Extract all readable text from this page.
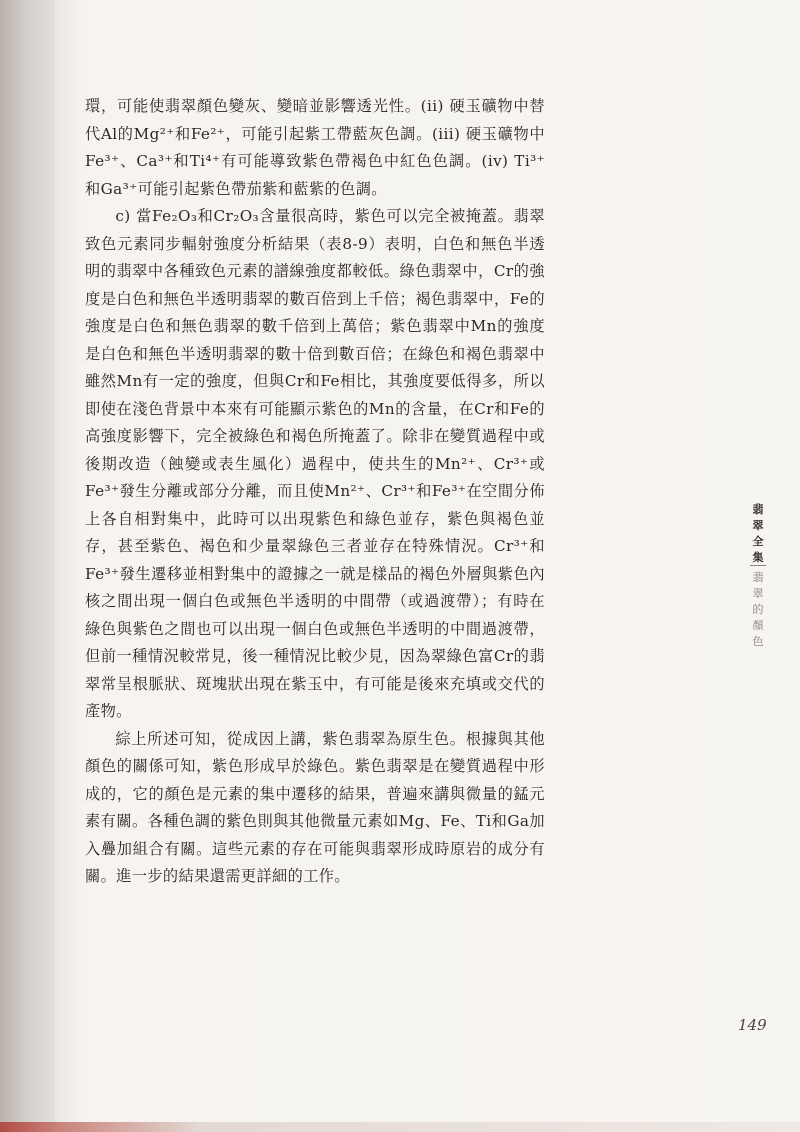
環，可能使翡翠顏色變灰、變暗並影響透光性。(ii) 硬玉礦物中替代Al的Mg²⁺和Fe²⁺，可能引起紫工帶藍灰色調。(iii) 硬玉礦物中Fe³⁺、Ca³⁺和Ti⁴⁺有可能導致紫色帶褐色中紅色色調。(iv) Ti³⁺和Ga³⁺可能引起紫色帶茄紫和藍紫的色調。

c) 當Fe₂O₃和Cr₂O₃含量很高時，紫色可以完全被掩蓋。翡翠致色元素同步輻射強度分析結果（表8-9）表明，白色和無色半透明的翡翠中各種致色元素的譜線強度都較低。綠色翡翠中，Cr的強度是白色和無色半透明翡翠的數百倍到上千倍；褐色翡翠中，Fe的強度是白色和無色翡翠的數千倍到上萬倍；紫色翡翠中Mn的強度是白色和無色半透明翡翠的數十倍到數百倍；在綠色和褐色翡翠中雖然Mn有一定的強度，但與Cr和Fe相比，其強度要低得多，所以即使在淺色背景中本來有可能顯示紫色的Mn的含量，在Cr和Fe的高強度影響下，完全被綠色和褐色所掩蓋了。除非在變質過程中或後期改造（蝕變或表生風化）過程中，使共生的Mn²⁺、Cr³⁺或Fe³⁺發生分離或部分分離，而且使Mn²⁺、Cr³⁺和Fe³⁺在空間分佈上各自相對集中，此時可以出現紫色和綠色並存，紫色與褐色並存，甚至紫色、褐色和少量翠綠色三者並存在特殊情況。Cr³⁺和Fe³⁺發生遷移並相對集中的證據之一就是樣品的褐色外層與紫色內核之間出現一個白色或無色半透明的中間帶（或過渡帶）；有時在綠色與紫色之間也可以出現一個白色或無色半透明的中間過渡帶，但前一種情況較常見，後一種情況比較少見，因為翠綠色富Cr的翡翠常呈根脈狀、斑塊狀出現在紫玉中，有可能是後來充填或交代的產物。

綜上所述可知，從成因上講，紫色翡翠為原生色。根據與其他顏色的關係可知，紫色形成早於綠色。紫色翡翠是在變質過程中形成的，它的顏色是元素的集中遷移的結果，普遍來講與微量的錳元素有關。各種色調的紫色則與其他微量元素如Mg、Fe、Ti和Ga加入疊加組合有關。這些元素的存在可能與翡翠形成時原岩的成分有關。進一步的結果還需更詳細的工作。

翡翠全集
翡翠的顏色
149
